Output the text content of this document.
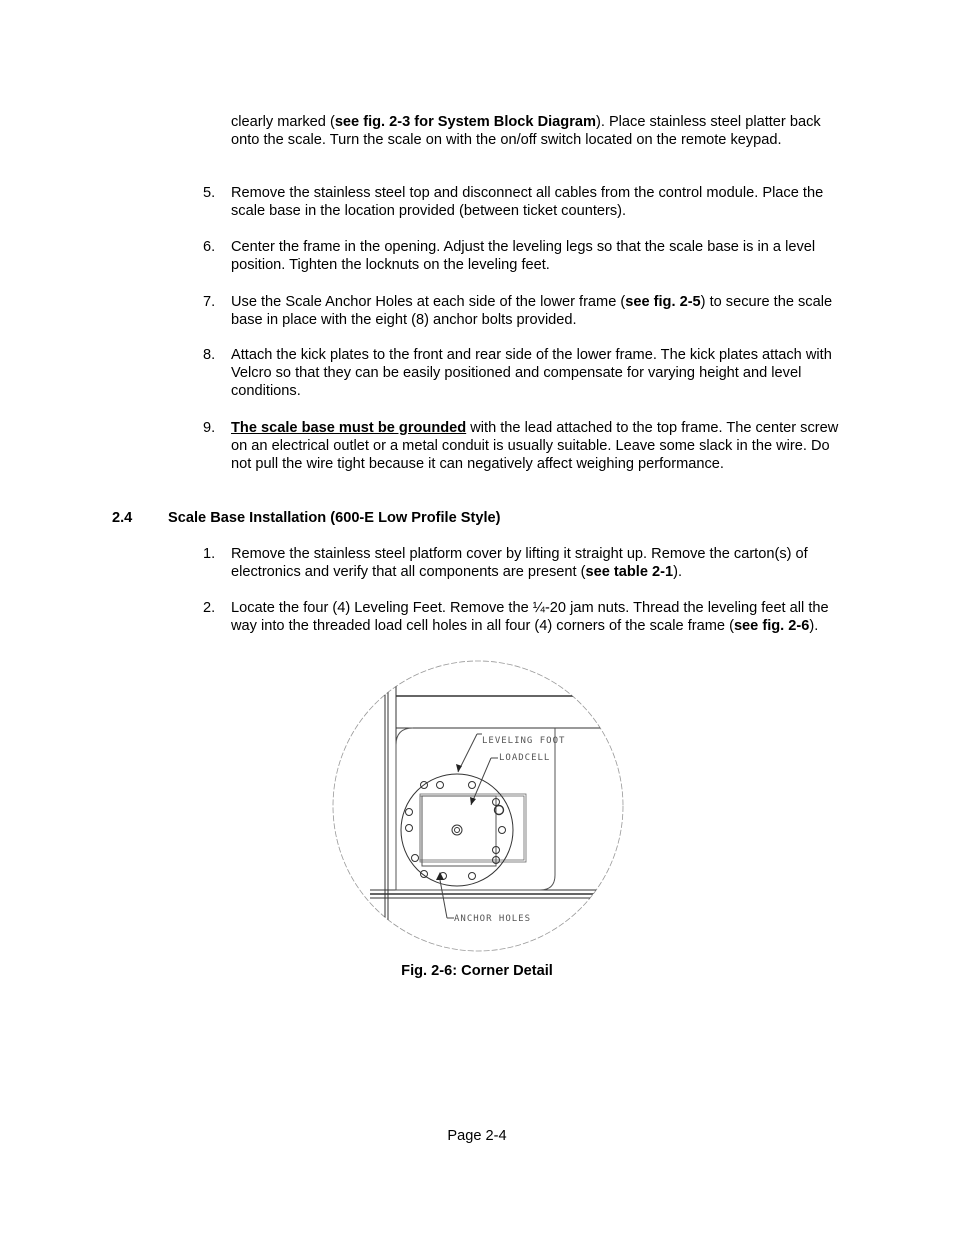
clearly marked (see fig. 2-3 for System Block Diagram). Place stainless steel platter back onto the scale. Turn the scale on with the on/off switch located on the remote keypad.

5.	Remove the stainless steel top and disconnect all cables from the control module. Place the scale base in the location provided (between ticket counters).
6.	Center the frame in the opening. Adjust the leveling legs so that the scale base is in a level position. Tighten the locknuts on the leveling feet.
7.	Use the Scale Anchor Holes at each side of the lower frame (see fig. 2-5) to secure the scale base in place with the eight (8) anchor bolts provided.
8.	Attach the kick plates to the front and rear side of the lower frame. The kick plates attach with Velcro so that they can be easily positioned and compensate for varying height and level conditions.
9.	The scale base must be grounded with the lead attached to the top frame. The center screw on an electrical outlet or a metal conduit is usually suitable. Leave some slack in the wire. Do not pull the wire tight because it can negatively affect weighing performance.
2.4 Scale Base Installation (600-E Low Profile Style)
1.	Remove the stainless steel platform cover by lifting it straight up. Remove the carton(s) of electronics and verify that all components are present (see table 2-1).
2.	Locate the four (4) Leveling Feet. Remove the ¼-20 jam nuts. Thread the leveling feet all the way into the threaded load cell holes in all four (4) corners of the scale frame (see fig. 2-6).
LEVELING FOOT
LOADCELL
ANCHOR HOLES
Fig. 2-6: Corner Detail
Page 2-4
